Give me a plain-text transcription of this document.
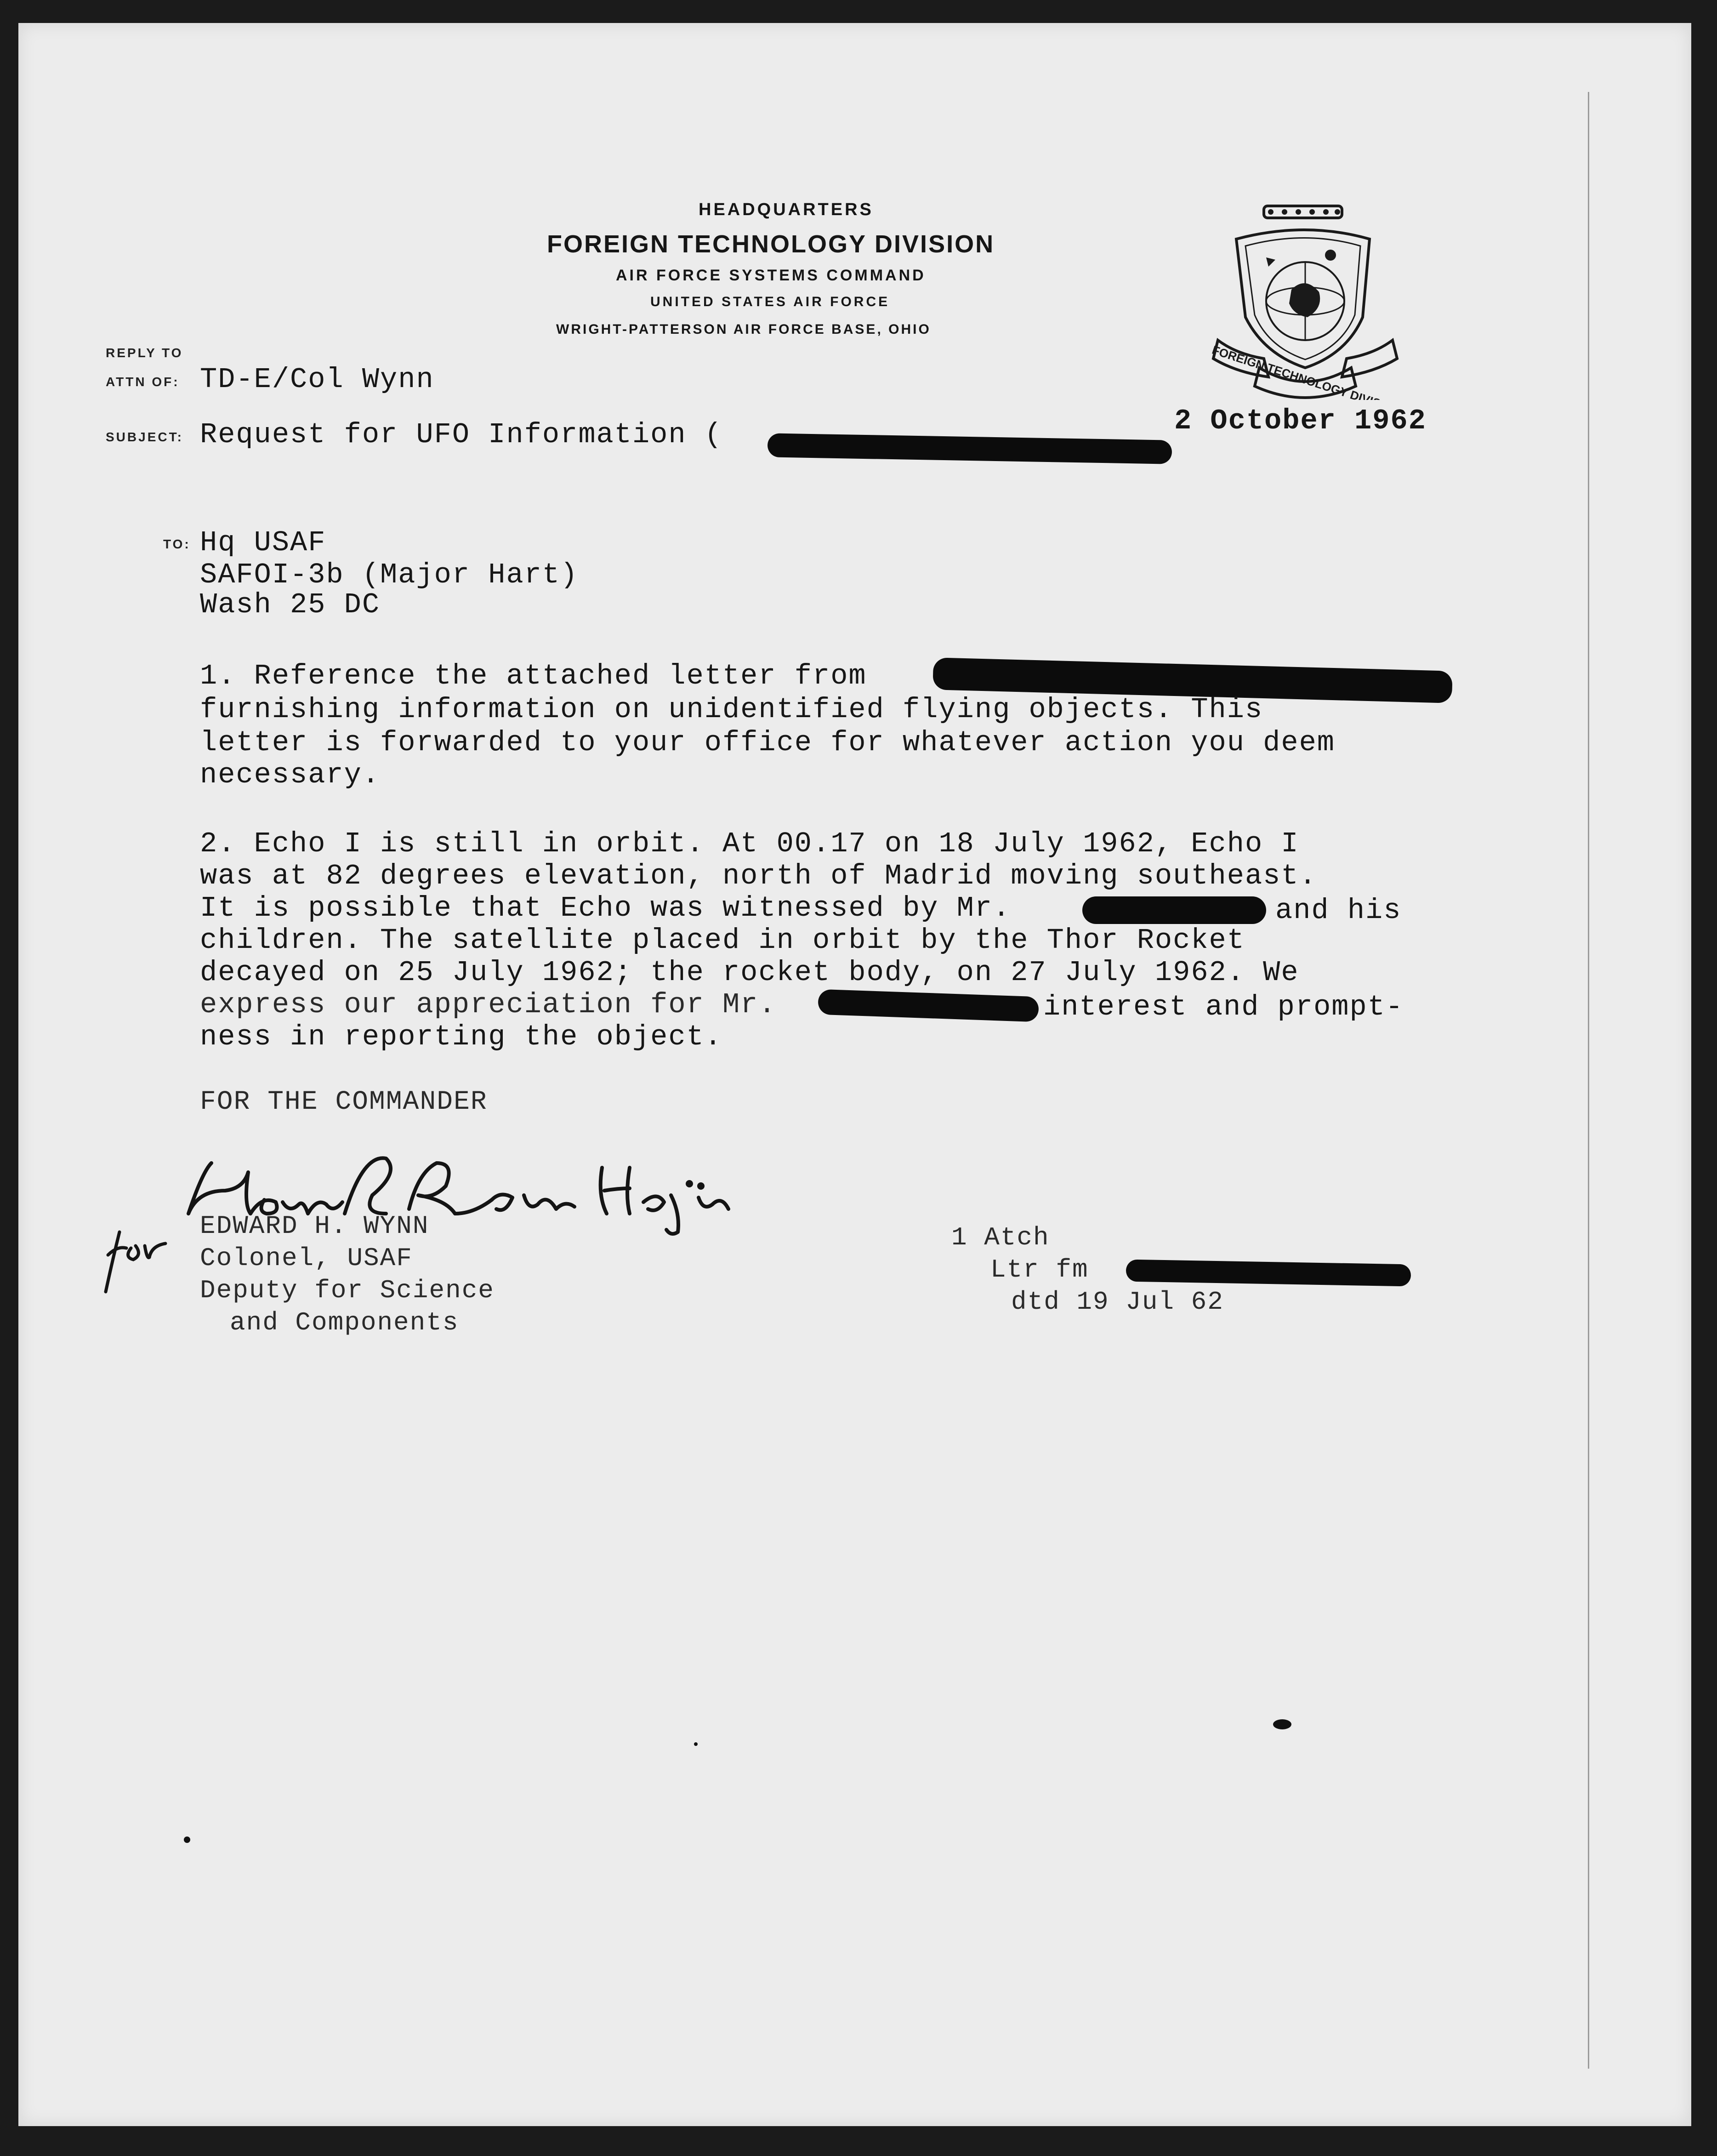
HEADQUARTERS
FOREIGN TECHNOLOGY DIVISION
AIR FORCE SYSTEMS COMMAND
UNITED STATES AIR FORCE
WRIGHT-PATTERSON AIR FORCE BASE, OHIO
FOREIGN TECHNOLOGY DIVISION
REPLY TO
ATTN OF: TD-E/Col Wynn
2 October 1962
SUBJECT: Request for UFO Information (
TO: Hq USAF
SAFOI-3b (Major Hart)
Wash 25 DC
1. Reference the attached letter from
furnishing information on unidentified flying objects. This
letter is forwarded to your office for whatever action you deem
necessary.
2. Echo I is still in orbit. At 00.17 on 18 July 1962, Echo I
was at 82 degrees elevation, north of Madrid moving southeast.
It is possible that Echo was witnessed by Mr.	and his
children. The satellite placed in orbit by the Thor Rocket
decayed on 25 July 1962; the rocket body, on 27 July 1962. We
express our appreciation for Mr.	interest and prompt-
ness in reporting the object.
FOR THE COMMANDER
EDWARD H. WYNN
Colonel, USAF
Deputy for Science
and Components
1 Atch
Ltr fm
dtd 19 Jul 62
